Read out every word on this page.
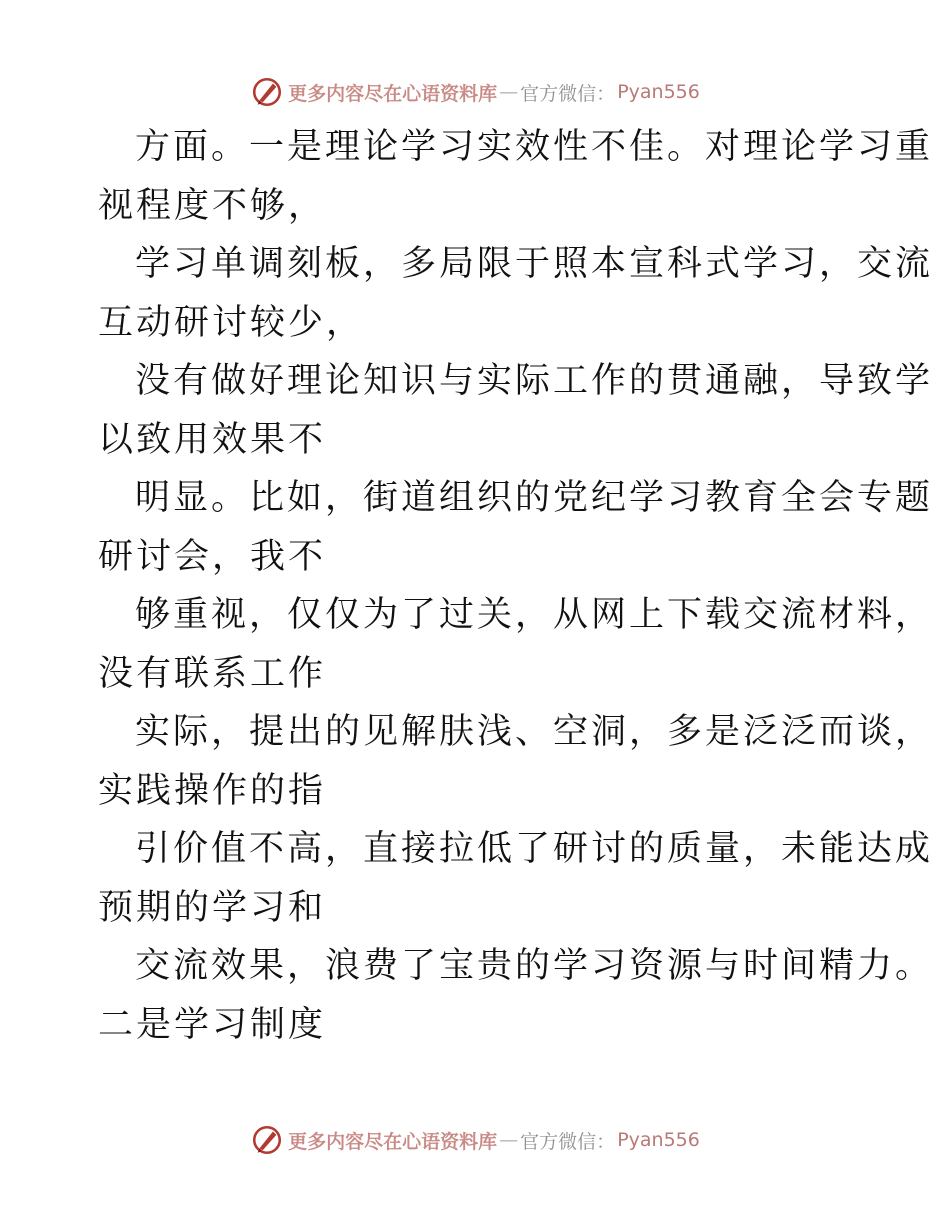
更多内容尽在心语资料库 — 官方微信： Pyan556

方面。一是理论学习实效性不佳。对理论学习重
视程度不够，

学习单调刻板，多局限于照本宣科式学习，交流
互动研讨较少，

没有做好理论知识与实际工作的贯通融，导致学
以致用效果不

明显。比如，街道组织的党纪学习教育全会专题
研讨会，我不

够重视，仅仅为了过关，从网上下载交流材料，
没有联系工作

实际，提出的见解肤浅、空洞，多是泛泛而谈，
实践操作的指

引价值不高，直接拉低了研讨的质量，未能达成
预期的学习和

交流效果，浪费了宝贵的学习资源与时间精力。
二是学习制度

更多内容尽在心语资料库 — 官方微信： Pyan556
